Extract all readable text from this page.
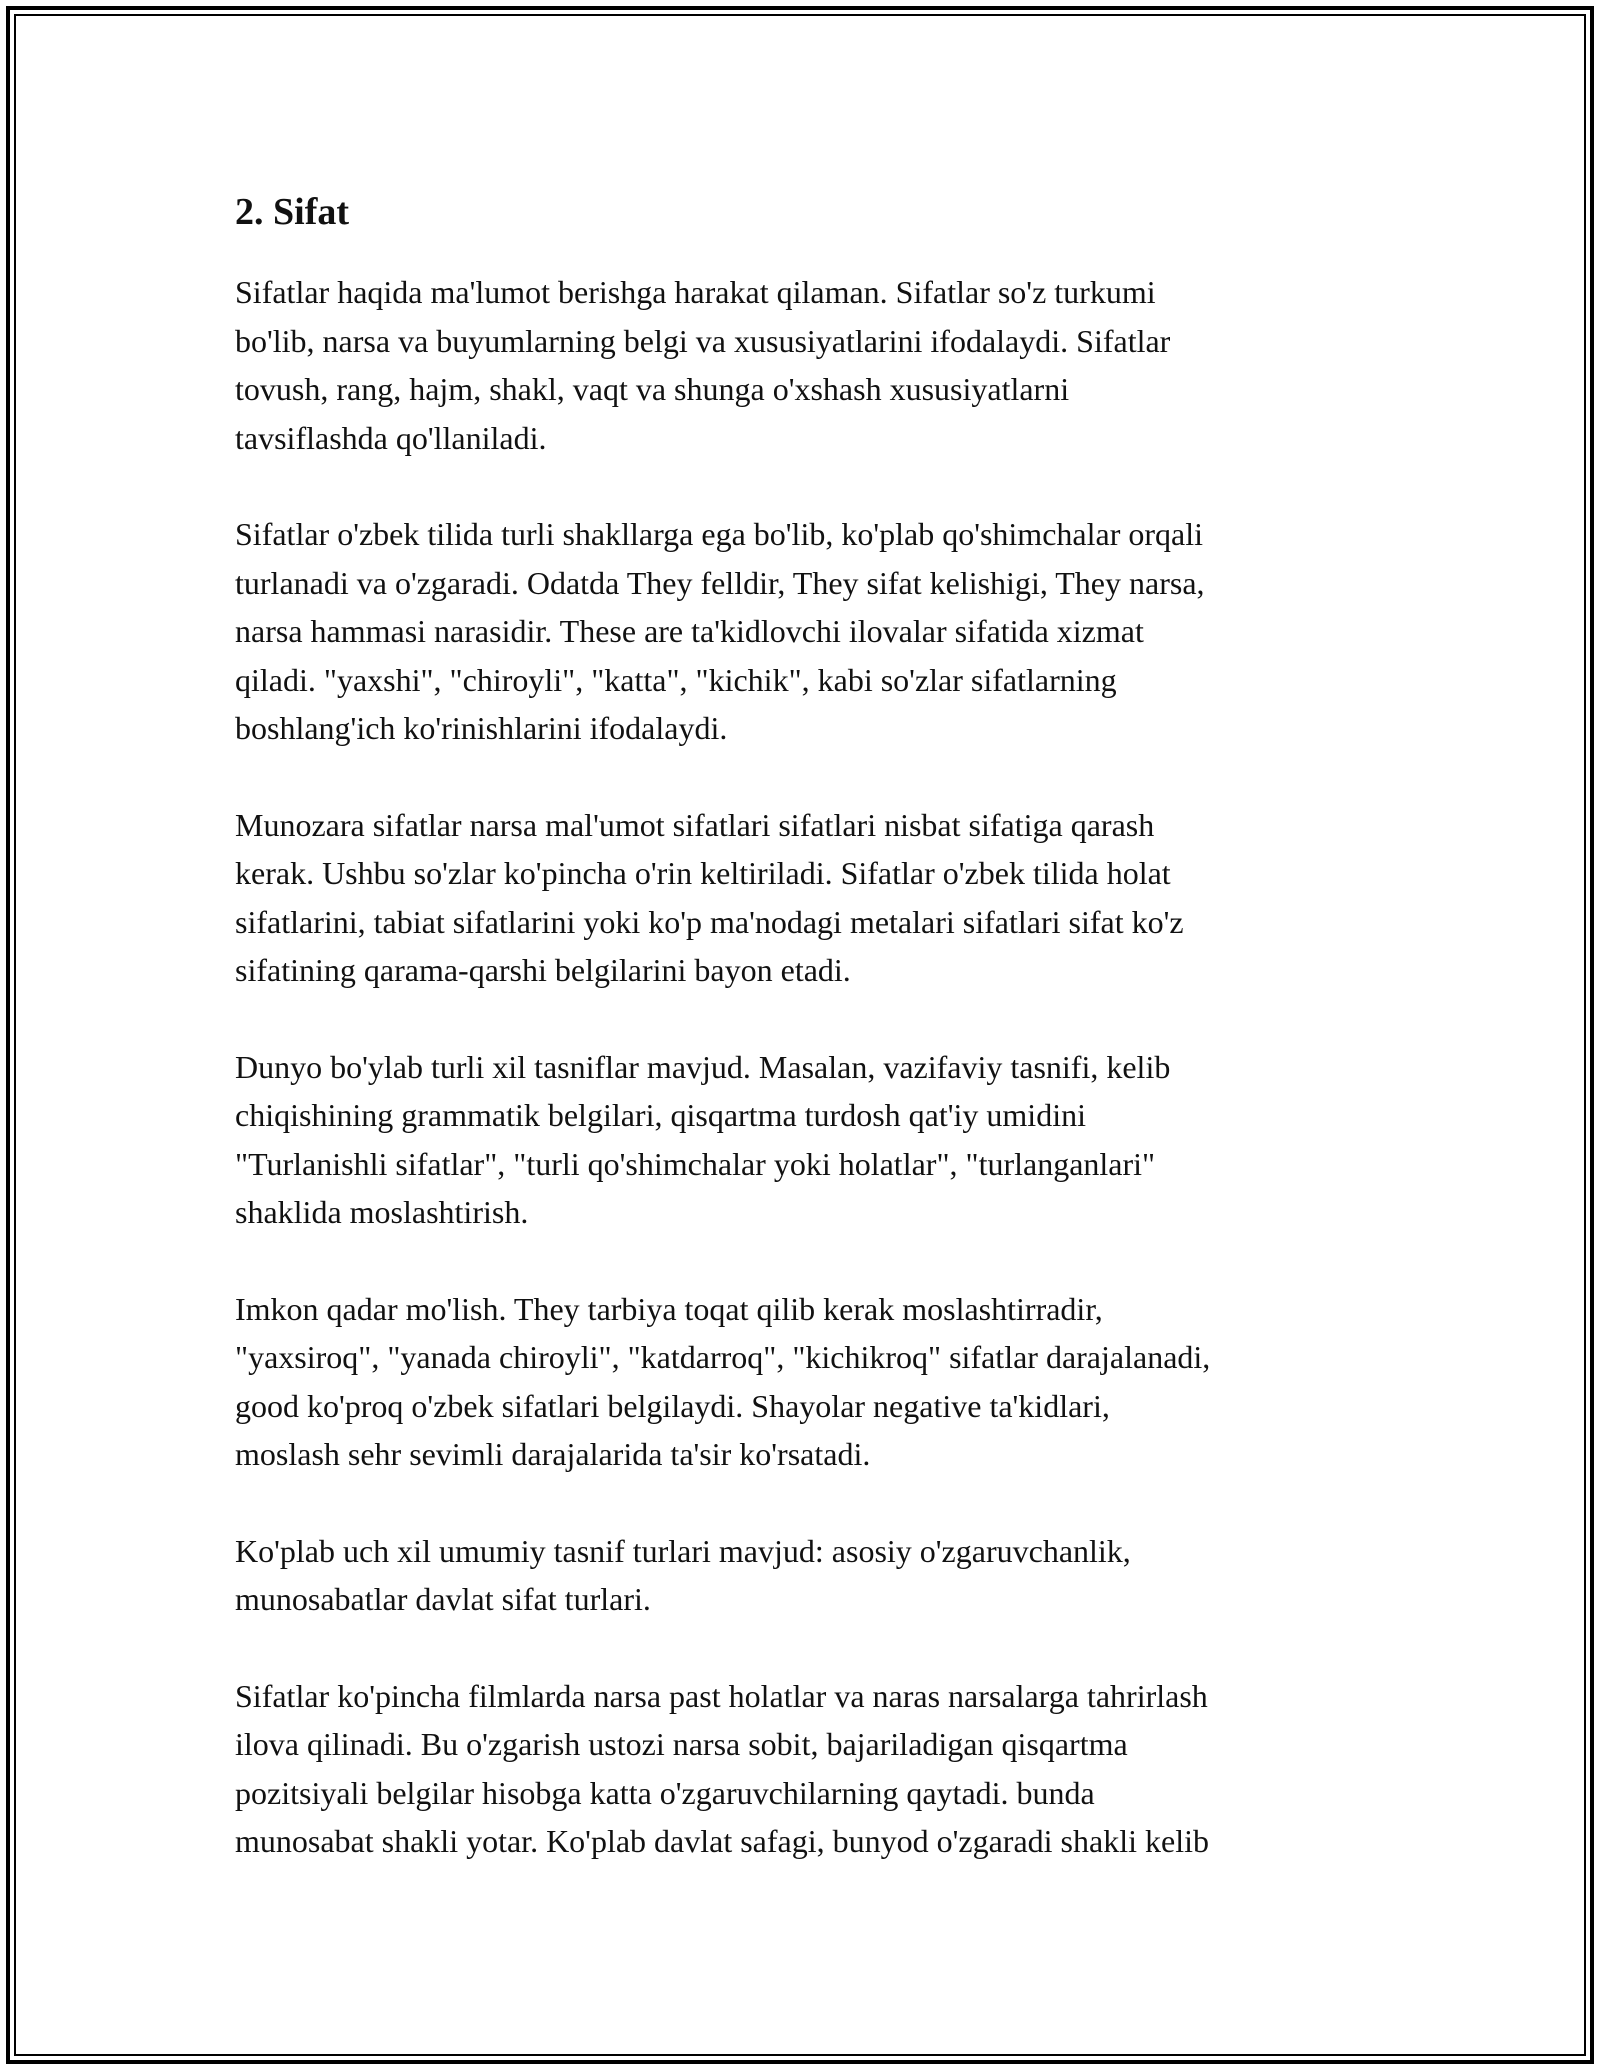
2. Sifat

Sifatlar haqida ma'lumot berishga harakat qilaman. Sifatlar so'z turkumi
bo'lib, narsa va buyumlarning belgi va xususiyatlarini ifodalaydi. Sifatlar
tovush, rang, hajm, shakl, vaqt va shunga o'xshash xususiyatlarni
tavsiflashda qo'llaniladi.

Sifatlar o'zbek tilida turli shakllarga ega bo'lib, ko'plab qo'shimchalar orqali
turlanadi va o'zgaradi. Odatda They felldir, They sifat kelishigi, They narsa,
narsa hammasi narasidir. These are ta'kidlovchi ilovalar sifatida xizmat
qiladi. "yaxshi", "chiroyli", "katta", "kichik", kabi so'zlar sifatlarning
boshlang'ich ko'rinishlarini ifodalaydi.

Munozara sifatlar narsa mal'umot sifatlari sifatlari nisbat sifatiga qarash
kerak. Ushbu so'zlar ko'pincha o'rin keltiriladi. Sifatlar o'zbek tilida holat
sifatlarini, tabiat sifatlarini yoki ko'p ma'nodagi metalari sifatlari sifat ko'z
sifatining qarama-qarshi belgilarini bayon etadi.

Dunyo bo'ylab turli xil tasniflar mavjud. Masalan, vazifaviy tasnifi, kelib
chiqishining grammatik belgilari, qisqartma turdosh qat'iy umidini
"Turlanishli sifatlar", "turli qo'shimchalar yoki holatlar", "turlanganlari"
shaklida moslashtirish.

Imkon qadar mo'lish. They tarbiya toqat qilib kerak moslashtirradir,
"yaxsiroq", "yanada chiroyli", "katdarroq", "kichikroq" sifatlar darajalanadi,
good ko'proq o'zbek sifatlari belgilaydi. Shayolar negative ta'kidlari,
moslash sehr sevimli darajalarida ta'sir ko'rsatadi.

Ko'plab uch xil umumiy tasnif turlari mavjud: asosiy o'zgaruvchanlik,
munosabatlar davlat sifat turlari.

Sifatlar ko'pincha filmlarda narsa past holatlar va naras narsalarga tahrirlash
ilova qilinadi. Bu o'zgarish ustozi narsa sobit, bajariladigan qisqartma
pozitsiyali belgilar hisobga katta o'zgaruvchilarning qaytadi. bunda
munosabat shakli yotar. Ko'plab davlat safagi, bunyod o'zgaradi shakli kelib
